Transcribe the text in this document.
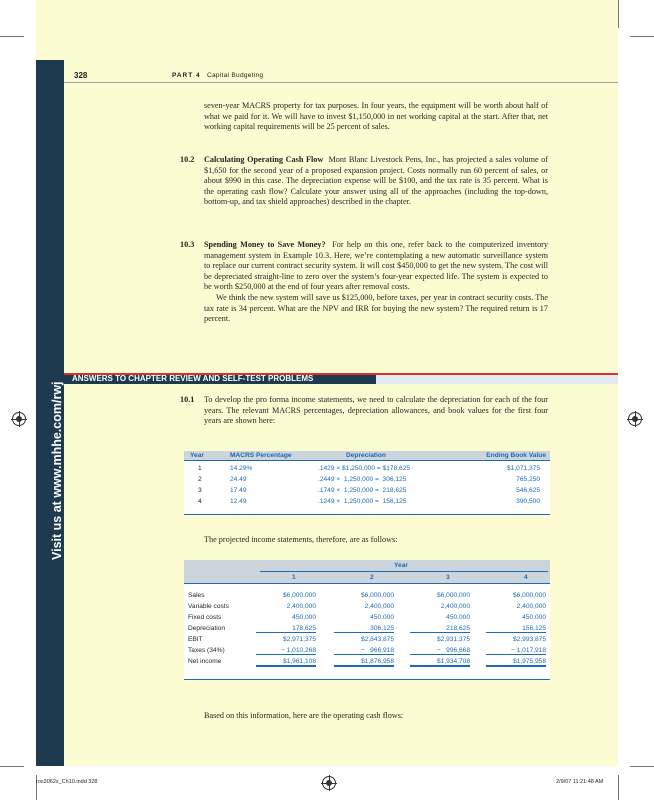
Visit us at www.mhhe.com/rwj
328	PART 4 Capital Budgeting
seven-year MACRS property for tax purposes. In four years, the equipment will be worth about half of what we paid for it. We will have to invest $1,150,000 in net working capital at the start. After that, net working capital requirements will be 25 percent of sales.
10.2 Calculating Operating Cash Flow Mont Blanc Livestock Pens, Inc., has projected a sales volume of $1,650 for the second year of a proposed expansion project. Costs normally run 60 percent of sales, or about $990 in this case. The depreciation expense will be $100, and the tax rate is 35 percent. What is the operating cash flow? Calculate your answer using all of the approaches (including the top-down, bottom-up, and tax shield approaches) described in the chapter.
10.3 Spending Money to Save Money? For help on this one, refer back to the computerized inventory management system in Example 10.3. Here, we’re contemplating a new automatic surveillance system to replace our current contract security system. It will cost $450,000 to get the new system. The cost will be depreciated straight-line to zero over the system’s four-year expected life. The system is expected to be worth $250,000 at the end of four years after removal costs.
We think the new system will save us $125,000, before taxes, per year in contract security costs. The tax rate is 34 percent. What are the NPV and IRR for buying the new system? The required return is 17 percent.
ANSWERS TO CHAPTER REVIEW AND SELF-TEST PROBLEMS
10.1 To develop the pro forma income statements, we need to calculate the depreciation for each of the four years. The relevant MACRS percentages, depreciation allowances, and book values for the first four years are shown here:
Year	MACRS Percentage	Depreciation	Ending Book Value
1	14.29%	.1429 × $1,250,000 = $178,625	$1,071,375
2	24.49	.2449 ×  1,250,000 =  306,125	765,250
3	17.49	.1749 ×  1,250,000 =  218,625	546,625
4	12.49	.1249 ×  1,250,000 =  156,125	390,500
The projected income statements, therefore, are as follows:
Year
1	2	3	4
Sales	$6,000,000	$6,000,000	$6,000,000	$6,000,000
Variable costs	2,400,000	2,400,000	2,400,000	2,400,000
Fixed costs	450,000	450,000	450,000	450,000
Depreciation	178,625	306,125	218,625	156,125
EBIT	$2,971,375	$2,843,875	$2,931,375	$2,993,875
Taxes (34%)	− 1,010,268	−   966,918	−   996,668	− 1,017,918
Net income	$1,961,108	$1,876,958	$1,934,708	$1,975,958
Based on this information, here are the operating cash flows:
ros3062x_Ch10.indd 328	2/9/07 11:21:48 AM
